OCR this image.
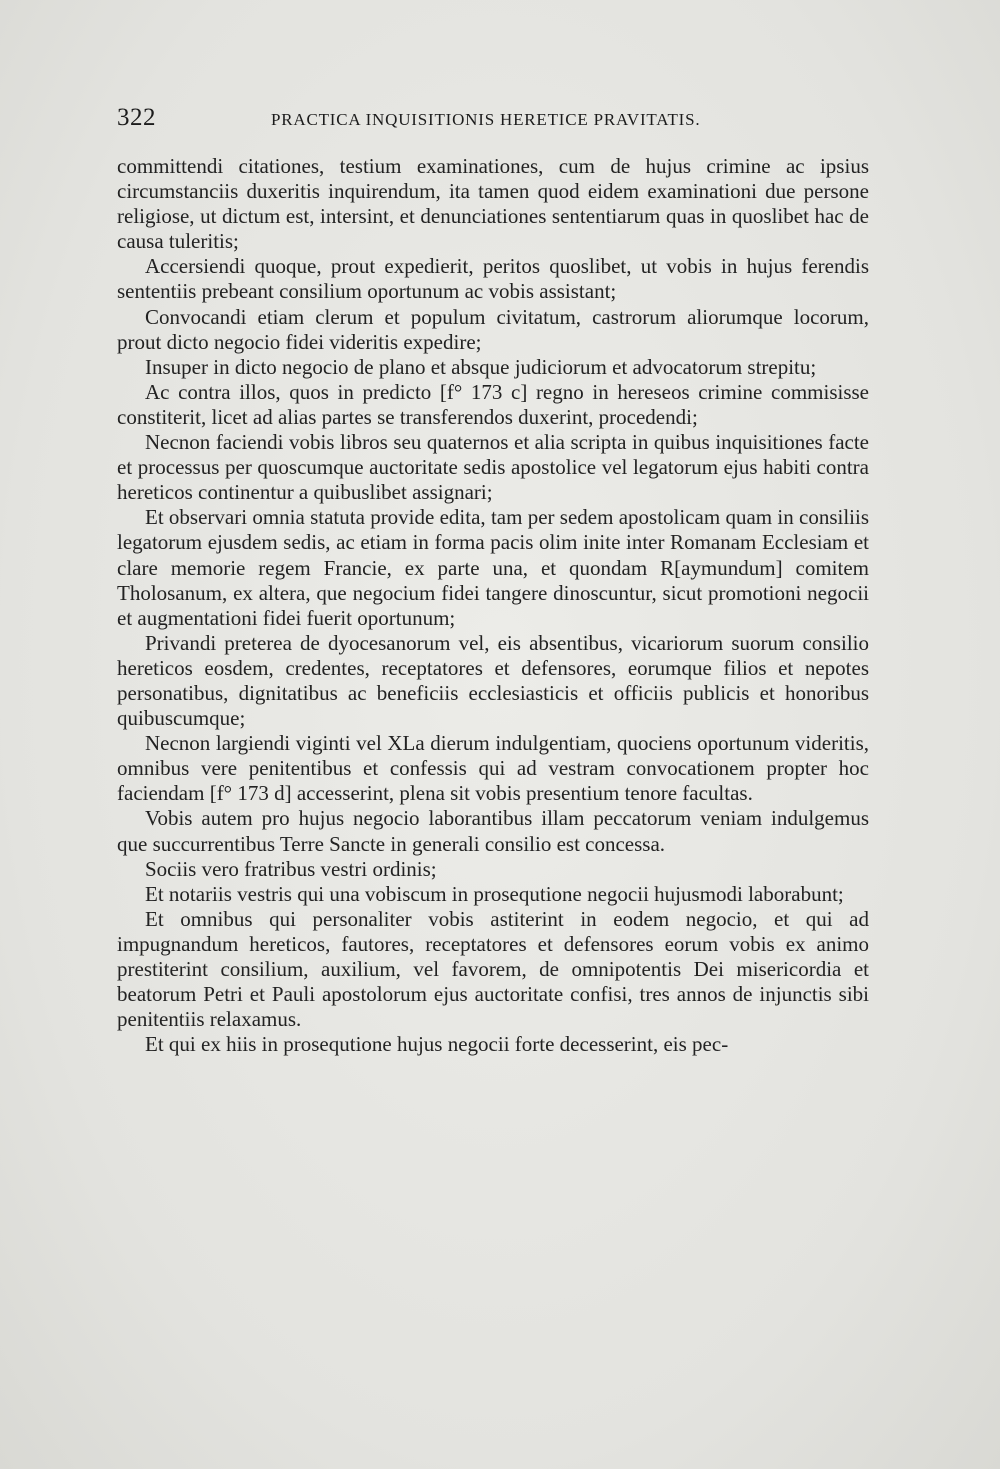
322	PRACTICA INQUISITIONIS HERETICE PRAVITATIS.

committendi citationes, testium examinationes, cum de hujus crimine ac ipsius circumstanciis duxeritis inquirendum, ita tamen quod eidem examinationi due persone religiose, ut dictum est, intersint, et denunciationes sententiarum quas in quoslibet hac de causa tuleritis;

Accersiendi quoque, prout expedierit, peritos quoslibet, ut vobis in hujus ferendis sententiis prebeant consilium oportunum ac vobis assistant;

Convocandi etiam clerum et populum civitatum, castrorum aliorumque locorum, prout dicto negocio fidei videritis expedire;

Insuper in dicto negocio de plano et absque judiciorum et advocatorum strepitu;

Ac contra illos, quos in predicto [f° 173 c] regno in hereseos crimine commisisse constiterit, licet ad alias partes se transferendos duxerint, procedendi;

Necnon faciendi vobis libros seu quaternos et alia scripta in quibus inquisitiones facte et processus per quoscumque auctoritate sedis apostolice vel legatorum ejus habiti contra hereticos continentur a quibuslibet assignari;

Et observari omnia statuta provide edita, tam per sedem apostolicam quam in consiliis legatorum ejusdem sedis, ac etiam in forma pacis olim inite inter Romanam Ecclesiam et clare memorie regem Francie, ex parte una, et quondam R[aymundum] comitem Tholosanum, ex altera, que negocium fidei tangere dinoscuntur, sicut promotioni negocii et augmentationi fidei fuerit oportunum;

Privandi preterea de dyocesanorum vel, eis absentibus, vicariorum suorum consilio hereticos eosdem, credentes, receptatores et defensores, eorumque filios et nepotes personatibus, dignitatibus ac beneficiis ecclesiasticis et officiis publicis et honoribus quibuscumque;

Necnon largiendi viginti vel XLa dierum indulgentiam, quociens oportunum videritis, omnibus vere penitentibus et confessis qui ad vestram convocationem propter hoc faciendam [f° 173 d] accesserint, plena sit vobis presentium tenore facultas.

Vobis autem pro hujus negocio laborantibus illam peccatorum veniam indulgemus que succurrentibus Terre Sancte in generali consilio est concessa.

Sociis vero fratribus vestri ordinis;

Et notariis vestris qui una vobiscum in prosequtione negocii hujusmodi laborabunt;

Et omnibus qui personaliter vobis astiterint in eodem negocio, et qui ad impugnandum hereticos, fautores, receptatores et defensores eorum vobis ex animo prestiterint consilium, auxilium, vel favorem, de omnipotentis Dei misericordia et beatorum Petri et Pauli apostolorum ejus auctoritate confisi, tres annos de injunctis sibi penitentiis relaxamus.

Et qui ex hiis in prosequtione hujus negocii forte decesserint, eis pec-
